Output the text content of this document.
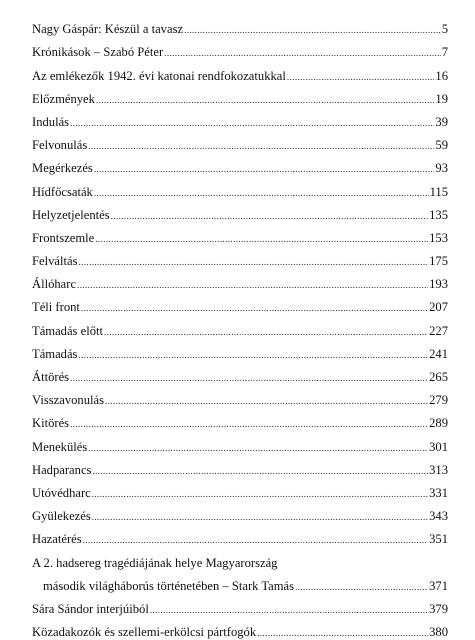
Nagy Gáspár: Készül a tavasz .....	5
Krónikások – Szabó Péter .....	7
Az emlékezők 1942. évi katonai rendfokozatukkal .....	16
Előzmények .....	19
Indulás .....	39
Felvonulás .....	59
Megérkezés .....	93
Hídfőcsaták .....	115
Helyzetjelentés .....	135
Frontszemle .....	153
Felváltás .....	175
Állóharc .....	193
Téli front .....	207
Támadás előtt .....	227
Támadás .....	241
Áttörés .....	265
Visszavonulás .....	279
Kitörés .....	289
Menekülés .....	301
Hadparancs .....	313
Utóvédharc .....	331
Gyülekezés .....	343
Hazatérés .....	351
A 2. hadsereg tragédiájának helye Magyarország
második világháborús történetében – Stark Tamás .....	371
Sára Sándor interjúiból .....	379
Közadakozók és szellemi-erkölcsi pártfogók .....	380
